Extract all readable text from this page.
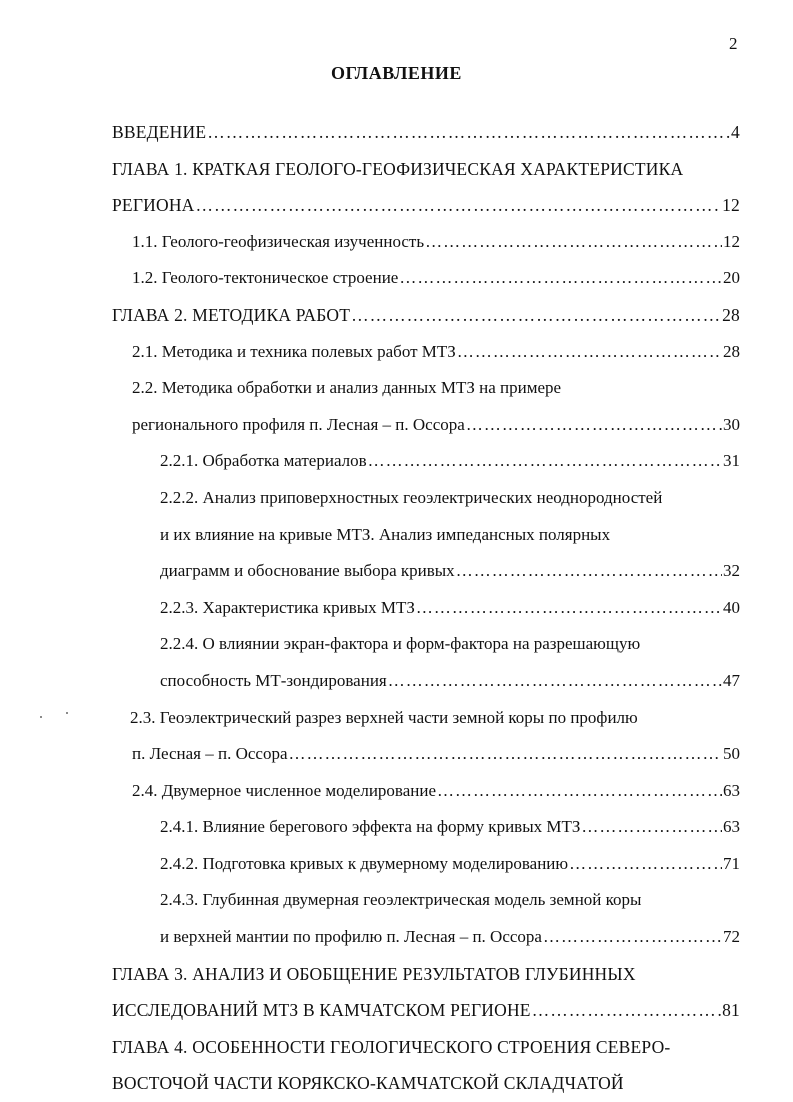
2
ОГЛАВЛЕНИЕ
ВВЕДЕНИЕ ……………………………………………………………………………………………………………………………………………………	4
ГЛАВА 1. КРАТКАЯ ГЕОЛОГО-ГЕОФИЗИЧЕСКАЯ ХАРАКТЕРИСТИКА
РЕГИОНА ……………………………………………………………………………………………………………………………………………………	12
1.1. Геолого-геофизическая изученность ……………………………………………………………………………………………………………………………………………………	12
1.2. Геолого-тектоническое строение ……………………………………………………………………………………………………………………………………………………	20
ГЛАВА 2. МЕТОДИКА РАБОТ ……………………………………………………………………………………………………………………………………………………	28
2.1. Методика и техника полевых работ МТЗ ……………………………………………………………………………………………………………………………………………………	28
2.2. Методика обработки и анализ данных МТЗ на примере
регионального профиля п. Лесная – п. Оссора ……………………………………………………………………………………………………………………………………………………	30
2.2.1. Обработка материалов ……………………………………………………………………………………………………………………………………………………	31
2.2.2. Анализ приповерхностных геоэлектрических неоднородностей
и их влияние на кривые МТЗ. Анализ импедансных полярных
диаграмм и обоснование выбора кривых ……………………………………………………………………………………………………………………………………………………	32
2.2.3. Характеристика кривых МТЗ ……………………………………………………………………………………………………………………………………………………	40
2.2.4. О влиянии экран-фактора и форм-фактора на разрешающую
способность МТ-зондирования ……………………………………………………………………………………………………………………………………………………	47
2.3. Геоэлектрический разрез верхней части земной коры по профилю
п. Лесная – п. Оссора ……………………………………………………………………………………………………………………………………………………	50
2.4. Двумерное численное моделирование ……………………………………………………………………………………………………………………………………………………	63
2.4.1. Влияние берегового эффекта на форму кривых МТЗ ……………………………………………………………………………………………………………………………………………………	63
2.4.2. Подготовка кривых к двумерному моделированию ……………………………………………………………………………………………………………………………………………………	71
2.4.3. Глубинная двумерная геоэлектрическая модель земной коры
и верхней мантии по профилю п. Лесная – п. Оссора ……………………………………………………………………………………………………………………………………………………	72
ГЛАВА 3. АНАЛИЗ И ОБОБЩЕНИЕ РЕЗУЛЬТАТОВ ГЛУБИННЫХ
ИССЛЕДОВАНИЙ МТЗ В КАМЧАТСКОМ РЕГИОНЕ ……………………………………………………………………………………………………………………………………………………	81
ГЛАВА 4. ОСОБЕННОСТИ ГЕОЛОГИЧЕСКОГО СТРОЕНИЯ СЕВЕРО-
ВОСТОЧОЙ ЧАСТИ КОРЯКСКО-КАМЧАТСКОЙ СКЛАДЧАТОЙ
